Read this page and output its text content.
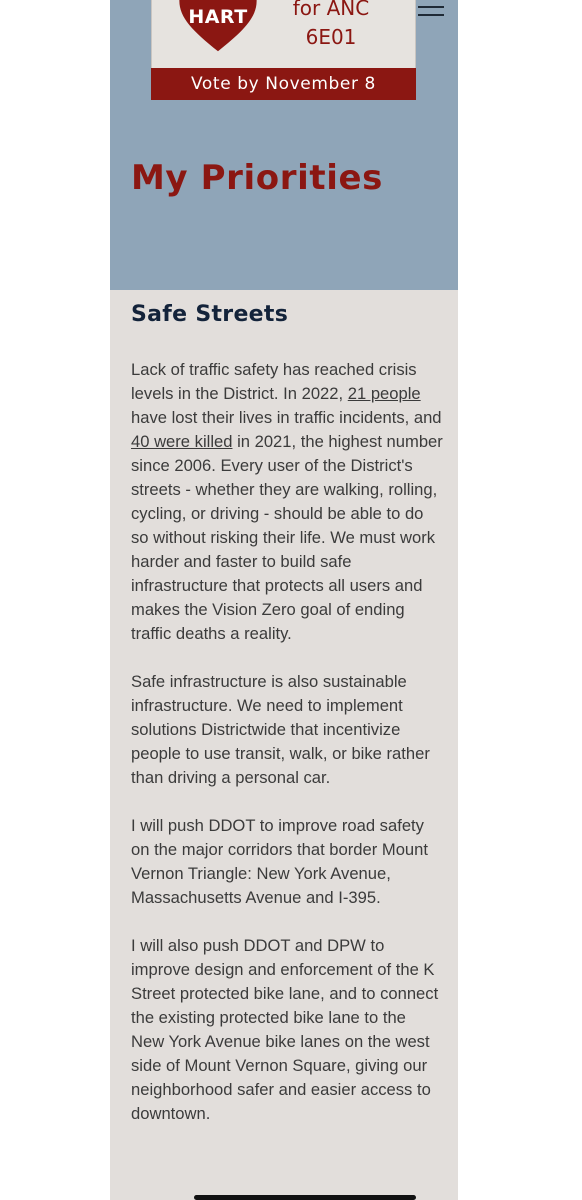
HART	for ANC
6E01
Vote by November 8
My Priorities
Safe Streets

Lack of traffic safety has reached crisis levels in the District. In 2022, 21 people have lost their lives in traffic incidents, and 40 were killed in 2021, the highest number since 2006. Every user of the District's streets - whether they are walking, rolling, cycling, or driving - should be able to do so without risking their life. We must work harder and faster to build safe infrastructure that protects all users and makes the Vision Zero goal of ending traffic deaths a reality.

Safe infrastructure is also sustainable infrastructure. We need to implement solutions Districtwide that incentivize people to use transit, walk, or bike rather than driving a personal car.

I will push DDOT to improve road safety on the major corridors that border Mount Vernon Triangle: New York Avenue, Massachusetts Avenue and I-395.

I will also push DDOT and DPW to improve design and enforcement of the K Street protected bike lane, and to connect the existing protected bike lane to the New York Avenue bike lanes on the west side of Mount Vernon Square, giving our neighborhood safer and easier access to downtown.
